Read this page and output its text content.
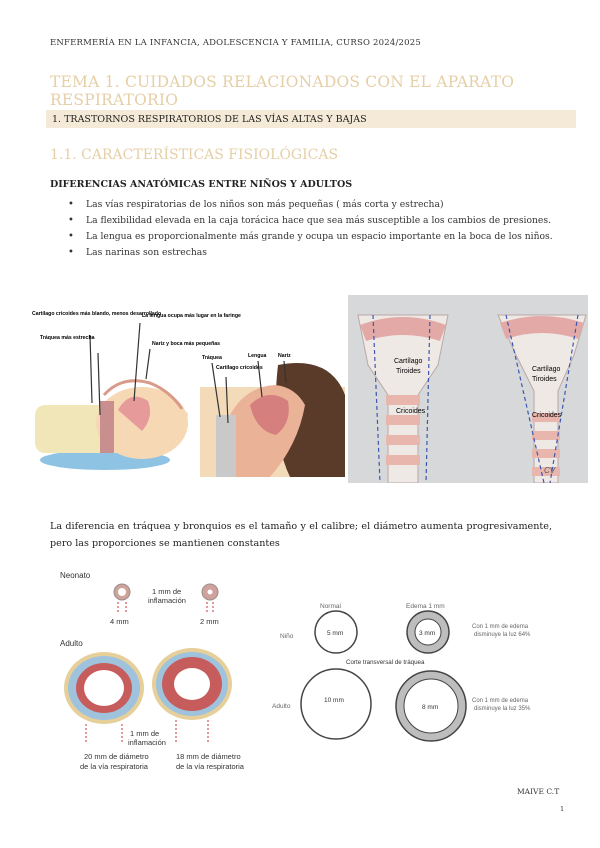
ENFERMERÍA EN LA INFANCIA, ADOLESCENCIA Y FAMILIA, CURSO 2024/2025
TEMA 1. CUIDADOS RELACIONADOS CON EL APARATO RESPIRATORIO
1. TRASTORNOS RESPIRATORIOS DE LAS VÍAS ALTAS Y BAJAS
1.1. CARACTERÍSTICAS FISIOLÓGICAS
DIFERENCIAS ANATÓMICAS ENTRE NIÑOS Y ADULTOS
• Las vías respiratorias de los niños son más pequeñas ( más corta y estrecha)
• La flexibilidad elevada en la caja torácica hace que sea más susceptible a los cambios de presiones.
• La lengua es proporcionalmente más grande y ocupa un espacio importante en la boca de los niños.
• Las narinas son estrechas
Cartílago cricoides más blando, menos desarrollado
Tráquea más estrecha
La lengua ocupa más lugar en la faringe
Nariz y boca más pequeñas
Tráquea	Lengua Nariz
Cartílago cricoides
Cartílago Tiroides
Cricoides
Cartílago Tiroides
Cricoides
CV
La diferencia en tráquea y bronquios es el tamaño y el calibre; el diámetro aumenta progresivamente, pero las proporciones se mantienen constantes
Neonato
1 mm de inflamación
4 mm	2 mm
Adulto
1 mm de inflamación
20 mm de diámetro de la vía respiratoria
18 mm de diámetro de la vía respiratoria
Normal	Edema 1 mm
Niño	5 mm	3 mm
Con 1 mm de edema disminuye la luz 64%
Corte transversal de tráquea
Adulto
10 mm
8 mm
Con 1 mm de edema disminuye la luz 35%
MAIVE C.T
1
